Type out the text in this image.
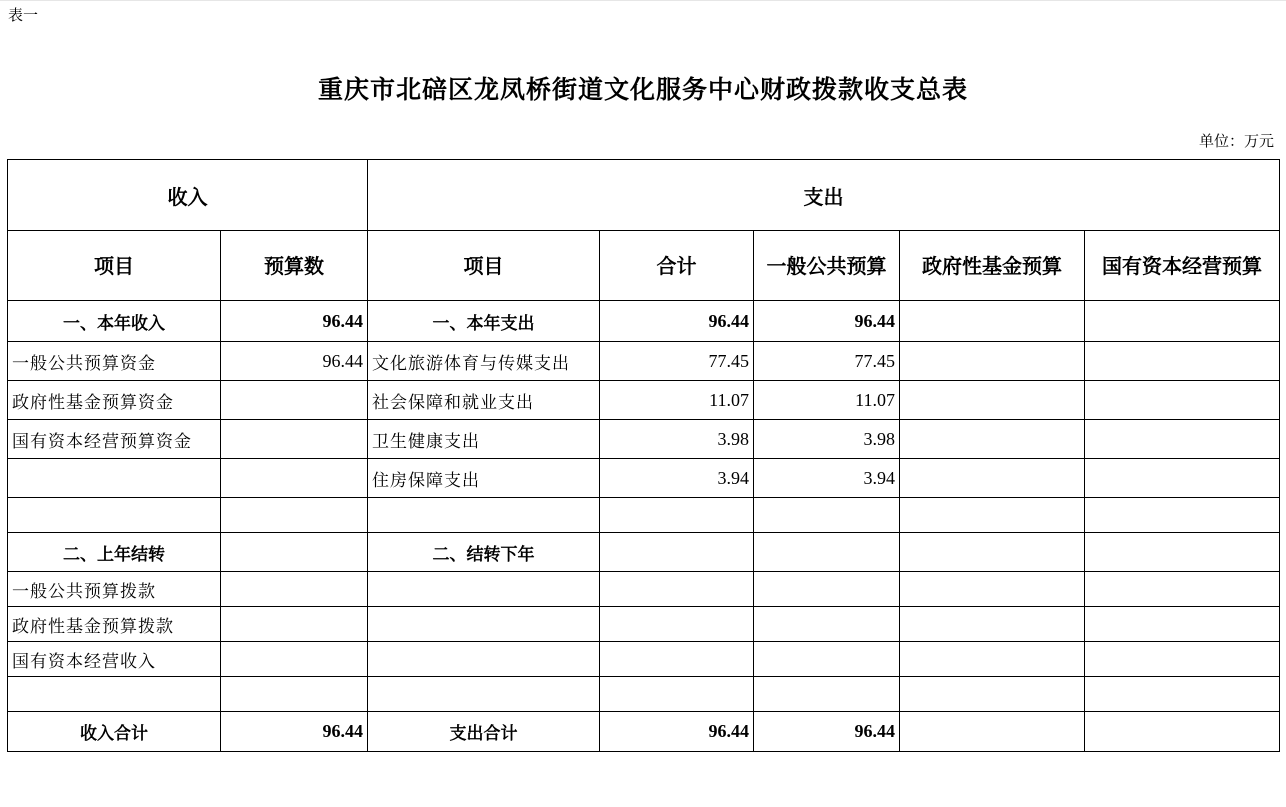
表一
重庆市北碚区龙凤桥街道文化服务中心财政拨款收支总表
单位：万元
收入		支出				
项目	预算数	项目	合计	一般公共预算	政府性基金预算	国有资本经营预算

一、本年收入	96.44	一、本年支出	96.44	96.44		
一般公共预算资金	96.44	文化旅游体育与传媒支出	77.45	77.45		
政府性基金预算资金		社会保障和就业支出	11.07	11.07		
国有资本经营预算资金		卫生健康支出	3.98	3.98		
		住房保障支出	3.94	3.94		

二、上年结转		二、结转下年				
一般公共预算拨款						
政府性基金预算拨款						
国有资本经营收入						

收入合计	96.44	支出合计	96.44	96.44		
